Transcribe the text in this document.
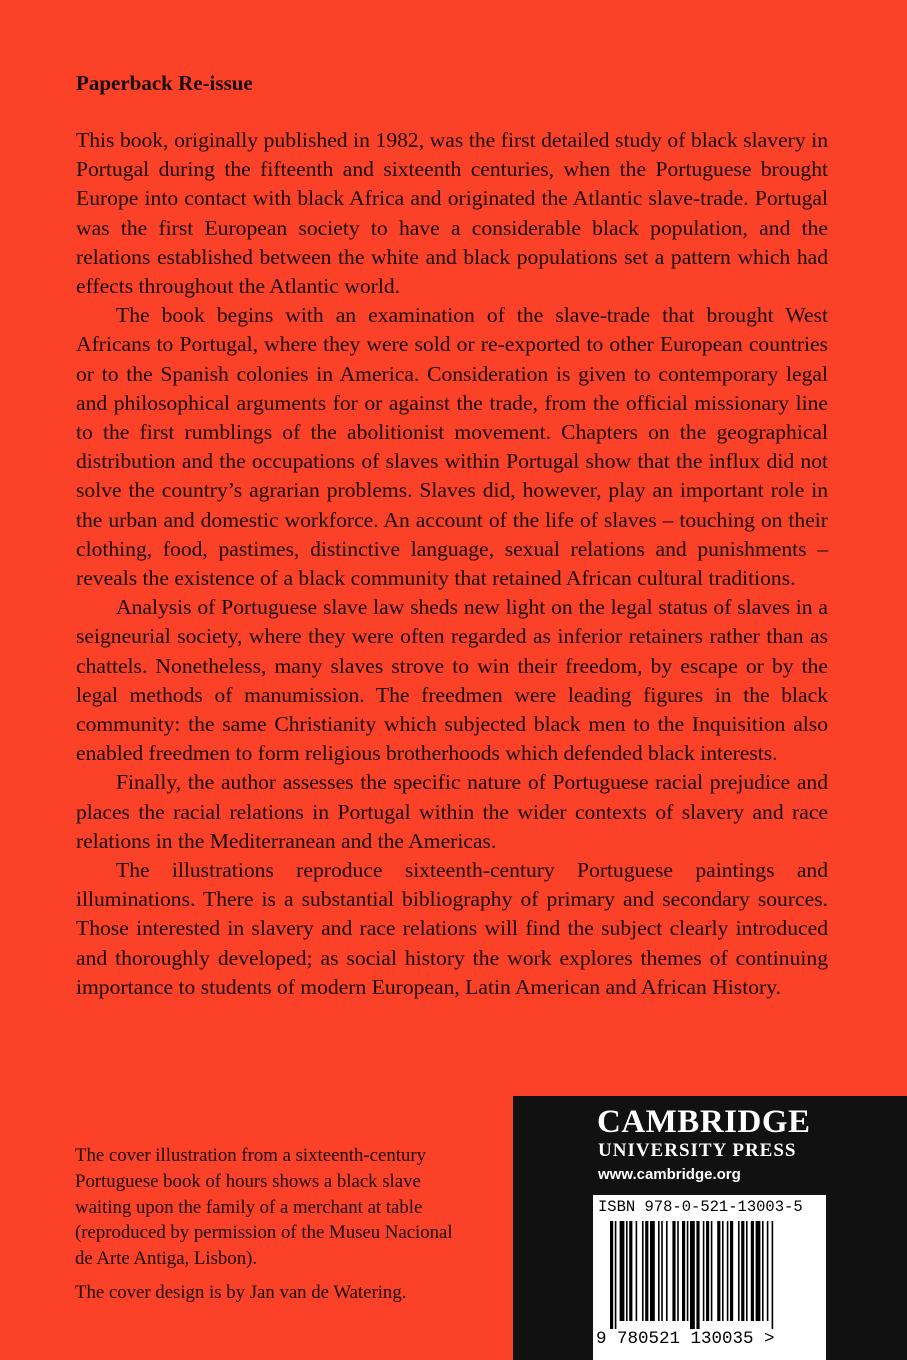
Paperback Re-issue

This book, originally published in 1982, was the first detailed study of black slavery in Portugal during the fifteenth and sixteenth centuries, when the Portuguese brought Europe into contact with black Africa and originated the Atlantic slave-trade. Portugal was the first European society to have a considerable black population, and the relations established between the white and black populations set a pattern which had effects throughout the Atlantic world.

The book begins with an examination of the slave-trade that brought West Africans to Portugal, where they were sold or re-exported to other European countries or to the Spanish colonies in America. Consideration is given to contemporary legal and philosophical arguments for or against the trade, from the official missionary line to the first rumblings of the abolitionist movement. Chapters on the geographical distribution and the occupations of slaves within Portugal show that the influx did not solve the country’s agrarian problems. Slaves did, however, play an important role in the urban and domestic workforce. An account of the life of slaves – touching on their clothing, food, pastimes, distinctive language, sexual relations and punishments – reveals the existence of a black community that retained African cultural traditions.

Analysis of Portuguese slave law sheds new light on the legal status of slaves in a seigneurial society, where they were often regarded as inferior retainers rather than as chattels. Nonetheless, many slaves strove to win their freedom, by escape or by the legal methods of manumission. The freedmen were leading figures in the black community: the same Christianity which subjected black men to the Inquisition also enabled freedmen to form religious brotherhoods which defended black interests.

Finally, the author assesses the specific nature of Portuguese racial prejudice and places the racial relations in Portugal within the wider contexts of slavery and race relations in the Mediterranean and the Americas.

The illustrations reproduce sixteenth-century Portuguese paintings and illuminations. There is a substantial bibliography of primary and secondary sources. Those interested in slavery and race relations will find the subject clearly introduced and thoroughly developed; as social history the work explores themes of continuing importance to students of modern European, Latin American and African History.

The cover illustration from a sixteenth-century Portuguese book of hours shows a black slave waiting upon the family of a merchant at table (reproduced by permission of the Museu Nacional de Arte Antiga, Lisbon).

The cover design is by Jan van de Watering.

CAMBRIDGE
UNIVERSITY PRESS
www.cambridge.org
ISBN 978-0-521-13003-5
9 780521 130035 >
